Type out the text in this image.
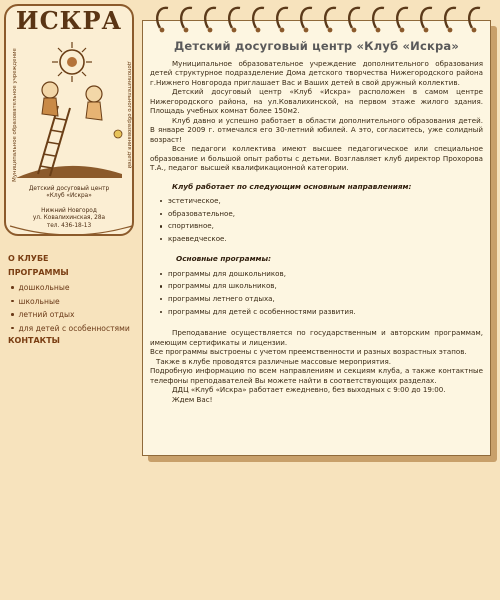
ИСКРА
Муниципальное образовательное учреждение	дополнительного образования детей
Детский досуговый центр
«Клуб «Искра»
Нижний Новгород
ул. Ковалихинская, 28а
тел. 436-18-13
О КЛУБЕ
ПРОГРАММЫ
дошкольные
школьные
летний отдых
для детей с особенностями
КОНТАКТЫ
Детский досуговый центр «Клуб «Искра»

Муниципальное образовательное учреждение дополнительного образования детей структурное подразделение Дома детского творчества Нижегородского района г.Нижнего Новгорода приглашает Вас и Ваших детей в свой дружный коллектив.

Детский досуговый центр «Клуб «Искра» расположен в самом центре Нижегородского района, на ул.Ковалихинской, на первом этаже жилого здания. Площадь учебных комнат более 150м2.

Клуб давно и успешно работает в области дополнительного образования детей. В январе 2009 г. отмечался его 30-летний юбилей. А это, согласитесь, уже солидный возраст!

Все педагоги коллектива имеют высшее педагогическое или специальное образование и большой опыт работы с детьми. Возглавляет клуб директор Прохорова Т.А., педагог высшей квалификационной категории.

Клуб работает по следующим основным направлениям:
эстетическое,
образовательное,
спортивное,
краеведческое.
Основные программы:
программы для дошкольников,
программы для школьников,
программы летнего отдыха,
программы для детей с особенностями развития.

Преподавание осуществляется по государственным и авторским программам, имеющим сертификаты и лицензии.

Все программы выстроены с учетом преемственности и разных возрастных этапов.

Также в клубе проводятся различные массовые мероприятия.

Подробную информацию по всем направлениям и секциям клуба, а также контактные телефоны преподавателей Вы можете найти в соответствующих разделах.

ДДЦ «Клуб «Искра» работает ежедневно, без выходных с 9:00 до 19:00.

Ждем Вас!
